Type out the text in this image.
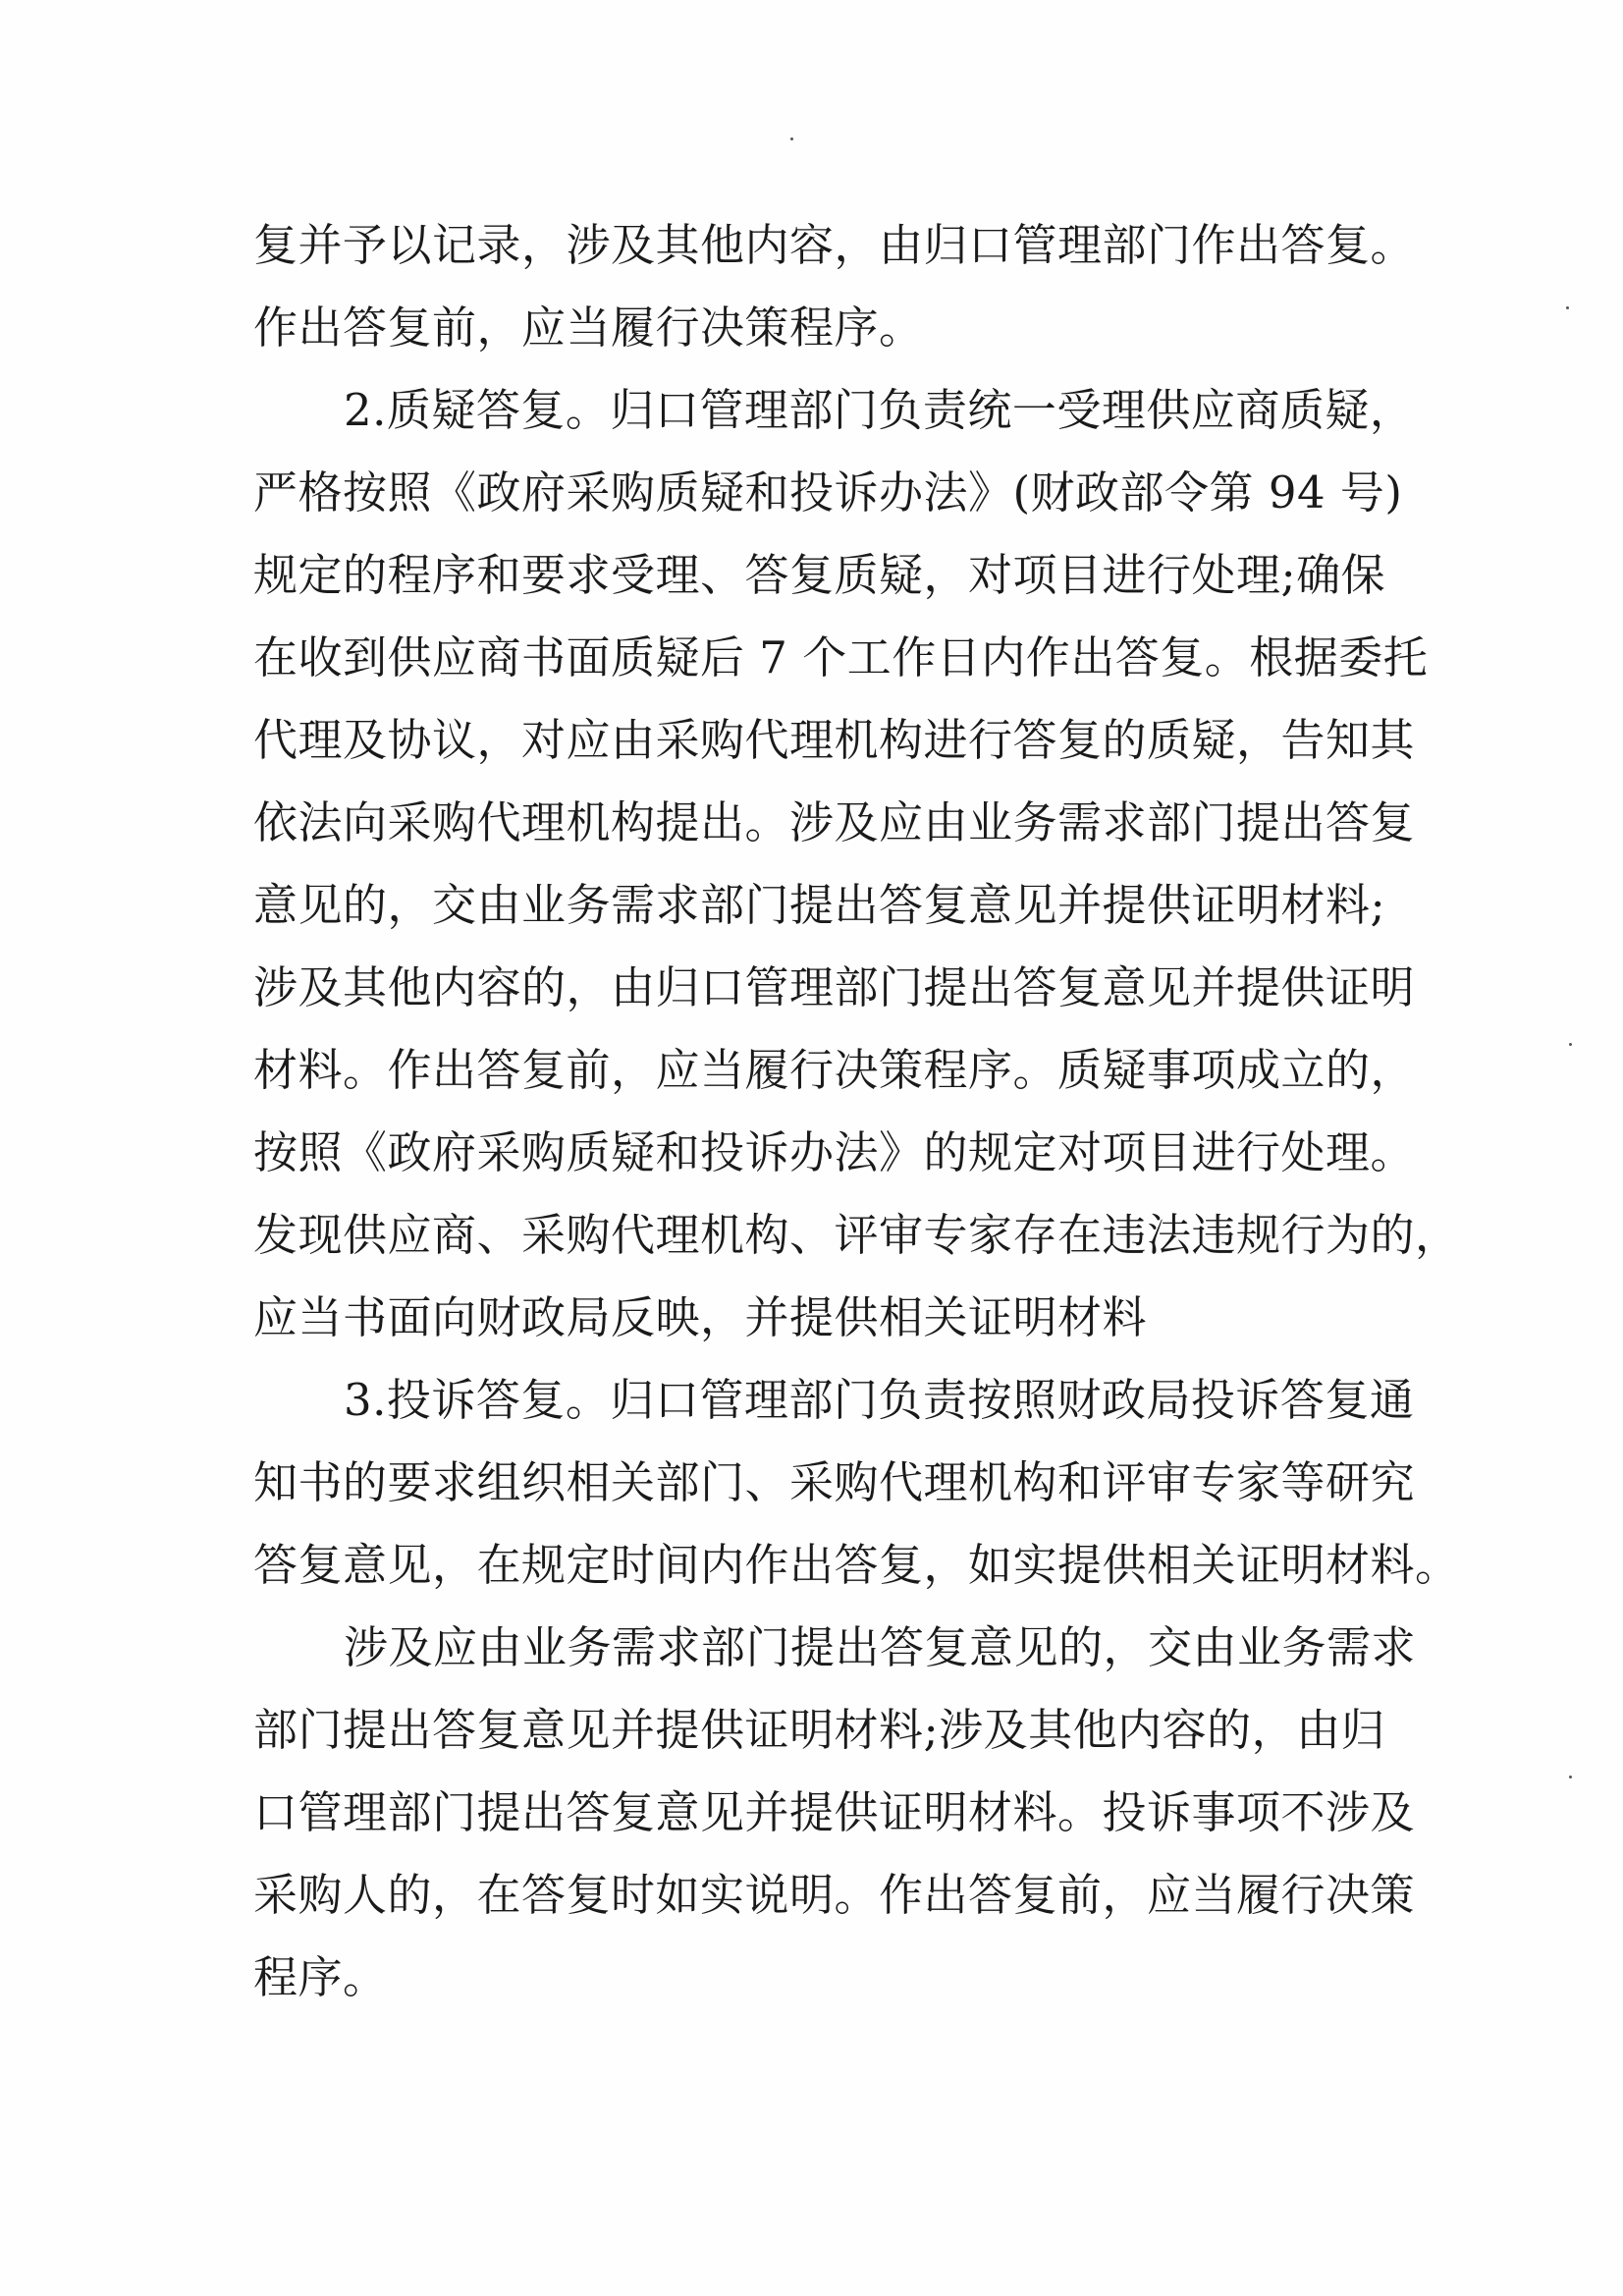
复并予以记录，涉及其他内容，由归口管理部门作出答复。
作出答复前，应当履行决策程序。
2.质疑答复。归口管理部门负责统一受理供应商质疑，
严格按照《政府采购质疑和投诉办法》(财政部令第 94 号)
规定的程序和要求受理、答复质疑，对项目进行处理;确保
在收到供应商书面质疑后 7 个工作日内作出答复。根据委托
代理及协议，对应由采购代理机构进行答复的质疑，告知其
依法向采购代理机构提出。涉及应由业务需求部门提出答复
意见的，交由业务需求部门提出答复意见并提供证明材料;
涉及其他内容的，由归口管理部门提出答复意见并提供证明
材料。作出答复前，应当履行决策程序。质疑事项成立的，
按照《政府采购质疑和投诉办法》的规定对项目进行处理。
发现供应商、采购代理机构、评审专家存在违法违规行为的，
应当书面向财政局反映，并提供相关证明材料
3.投诉答复。归口管理部门负责按照财政局投诉答复通
知书的要求组织相关部门、采购代理机构和评审专家等研究
答复意见，在规定时间内作出答复，如实提供相关证明材料。
涉及应由业务需求部门提出答复意见的，交由业务需求
部门提出答复意见并提供证明材料;涉及其他内容的，由归
口管理部门提出答复意见并提供证明材料。投诉事项不涉及
采购人的，在答复时如实说明。作出答复前，应当履行决策
程序。
